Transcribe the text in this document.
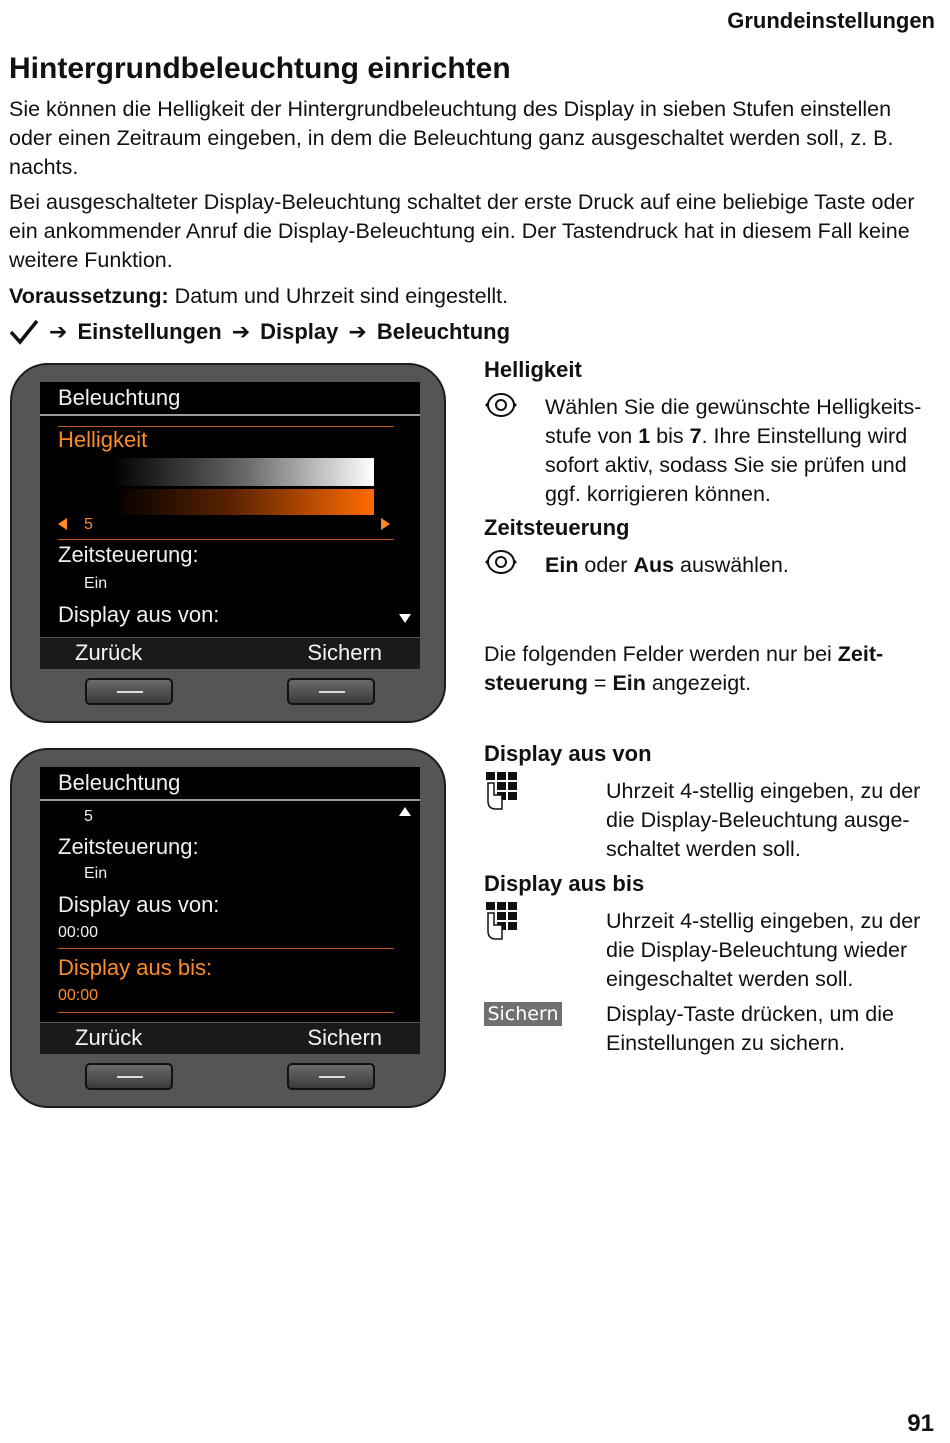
Grundeinstellungen
Hintergrundbeleuchtung einrichten

Sie können die Helligkeit der Hintergrundbeleuchtung des Display in sieben Stufen einstellen oder einen Zeitraum eingeben, in dem die Beleuchtung ganz ausgeschaltet werden soll, z. B. nachts.

Bei ausgeschalteter Display-Beleuchtung schaltet der erste Druck auf eine beliebige Taste oder ein ankommender Anruf die Display-Beleuchtung ein. Der Tastendruck hat in diesem Fall keine weitere Funktion.

Voraussetzung: Datum und Uhrzeit sind eingestellt.

➔ Einstellungen ➔ Display ➔ Beleuchtung
Beleuchtung
Helligkeit
5
Zeitsteuerung:
Ein
Display aus von:
Zurück	Sichern
Beleuchtung
5
Zeitsteuerung:
Ein
Display aus von:
00:00
Display aus bis:
00:00
Zurück	Sichern
Helligkeit

Wählen Sie die gewünschte Helligkeitsstufe von 1 bis 7. Ihre Einstellung wird sofort aktiv, sodass Sie sie prüfen und ggf. korrigieren können.

Zeitsteuerung

Ein oder Aus auswählen.

Die folgenden Felder werden nur bei Zeitsteuerung = Ein angezeigt.

Display aus von

Uhrzeit 4-stellig eingeben, zu der die Display-Beleuchtung ausgeschaltet werden soll.

Display aus bis

Uhrzeit 4-stellig eingeben, zu der die Display-Beleuchtung wieder eingeschaltet werden soll.

Sichern Display-Taste drücken, um die Einstellungen zu sichern.

91
